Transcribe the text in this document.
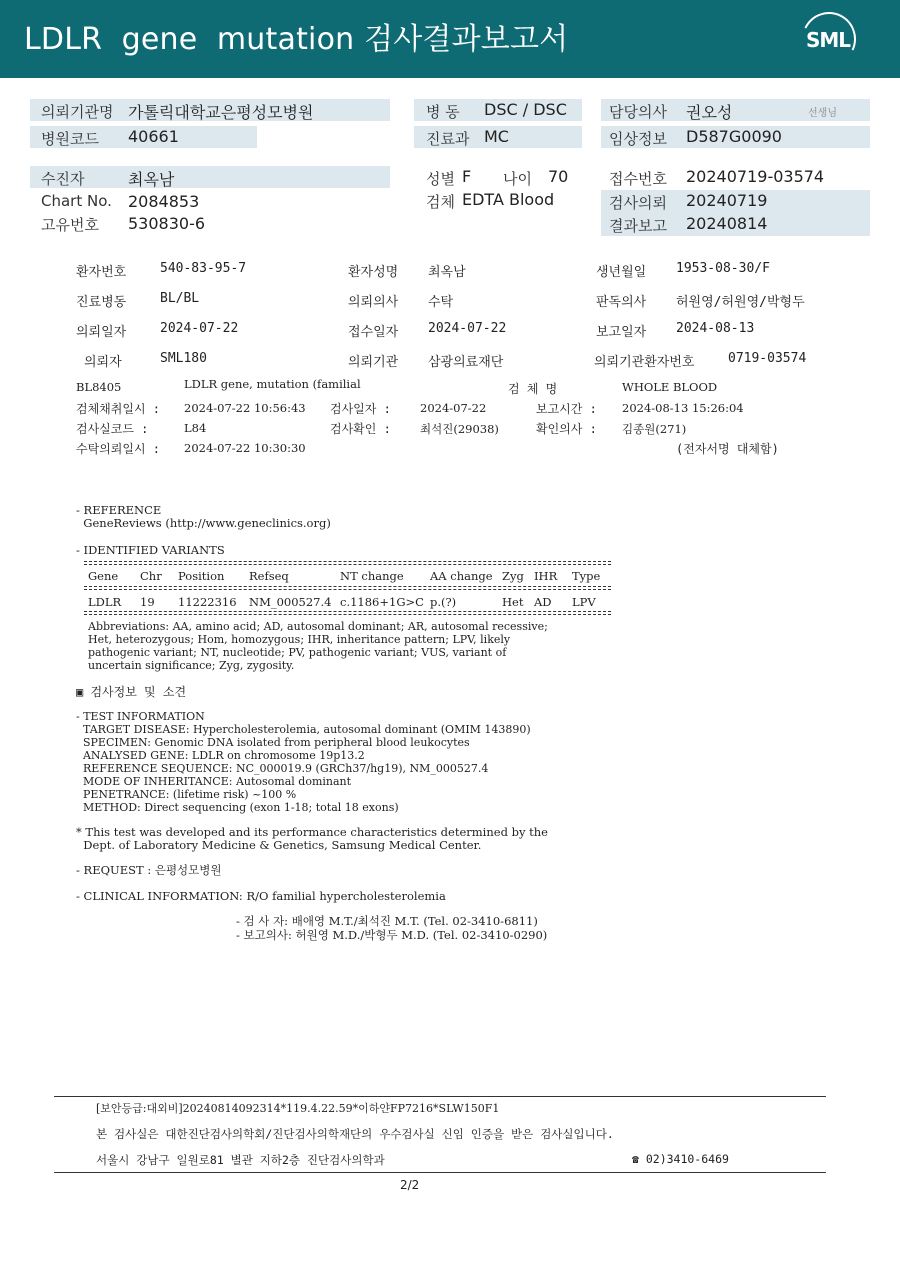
LDLR  gene  mutation 검사결과보고서	SML
의뢰기관명 가톨릭대학교은평성모병원	병 동 DSC / DSC	담당의사 권오성	선생님
병원코드 40661	진료과 MC	임상정보 D587G0090
수진자	최옥남	성별 F 나이 70	접수번호 20240719-03574
Chart No. 2084853	검체 EDTA Blood	검사의뢰 20240719
고유번호 530830-6	결과보고 20240814
환자번호	540-83-95-7	환자성명 최옥남	생년월일 1953-08-30/F
진료병동	BL/BL	의뢰의사 수탁	판독의사 허원영/허원영/박형두
의뢰일자	2024-07-22	접수일자 2024-07-22	보고일자 2024-08-13
의뢰자	SML180	의뢰기관 삼광의료재단	의뢰기관환자번호	0719-03574
BL8405	LDLR gene, mutation (familial	검 체 명	WHOLE BLOOD
검체채취일시 : 2024-07-22 10:56:43 검사일자 :	2024-07-22	보고시간 : 2024-08-13 15:26:04
검사실코드 :	L84	검사확인 :	최석진(29038)	확인의사 : 김종원(271)
수탁의뢰일시 : 2024-07-22 10:30:30	(전자서명 대체함)
- REFERENCE
GeneReviews (http://www.geneclinics.org)
- IDENTIFIED VARIANTS
Gene Chr Position Refseq	NT change AA change Zyg IHR Type
LDLR 19 11222316 NM_000527.4 c.1186+1G>C p.(?)	Het AD LPV
Abbreviations: AA, amino acid; AD, autosomal dominant; AR, autosomal recessive;
Het, heterozygous; Hom, homozygous; IHR, inheritance pattern; LPV, likely
pathogenic variant; NT, nucleotide; PV, pathogenic variant; VUS, variant of
uncertain significance; Zyg, zygosity.
▣ 검사정보 및 소견
- TEST INFORMATION
TARGET DISEASE: Hypercholesterolemia, autosomal dominant (OMIM 143890)
SPECIMEN: Genomic DNA isolated from peripheral blood leukocytes
ANALYSED GENE: LDLR on chromosome 19p13.2
REFERENCE SEQUENCE: NC_000019.9 (GRCh37/hg19), NM_000527.4
MODE OF INHERITANCE: Autosomal dominant
PENETRANCE: (lifetime risk) ~100 %
METHOD: Direct sequencing (exon 1-18; total 18 exons)
* This test was developed and its performance characteristics determined by the
Dept. of Laboratory Medicine & Genetics, Samsung Medical Center.
- REQUEST : 은평성모병원
- CLINICAL INFORMATION: R/O familial hypercholesterolemia
- 검 사 자: 배애영 M.T./최석진 M.T. (Tel. 02-3410-6811)
- 보고의사: 허원영 M.D./박형두 M.D. (Tel. 02-3410-0290)
[보안등급:대외비]20240814092314*119.4.22.59*이하얀FP7216*SLW150F1
본 검사실은 대한진단검사의학회/진단검사의학재단의 우수검사실 신임 인증을 받은 검사실입니다.
서울시 강남구 일원로81 별관 지하2층 진단검사의학과	☎ 02)3410-6469
2/2
